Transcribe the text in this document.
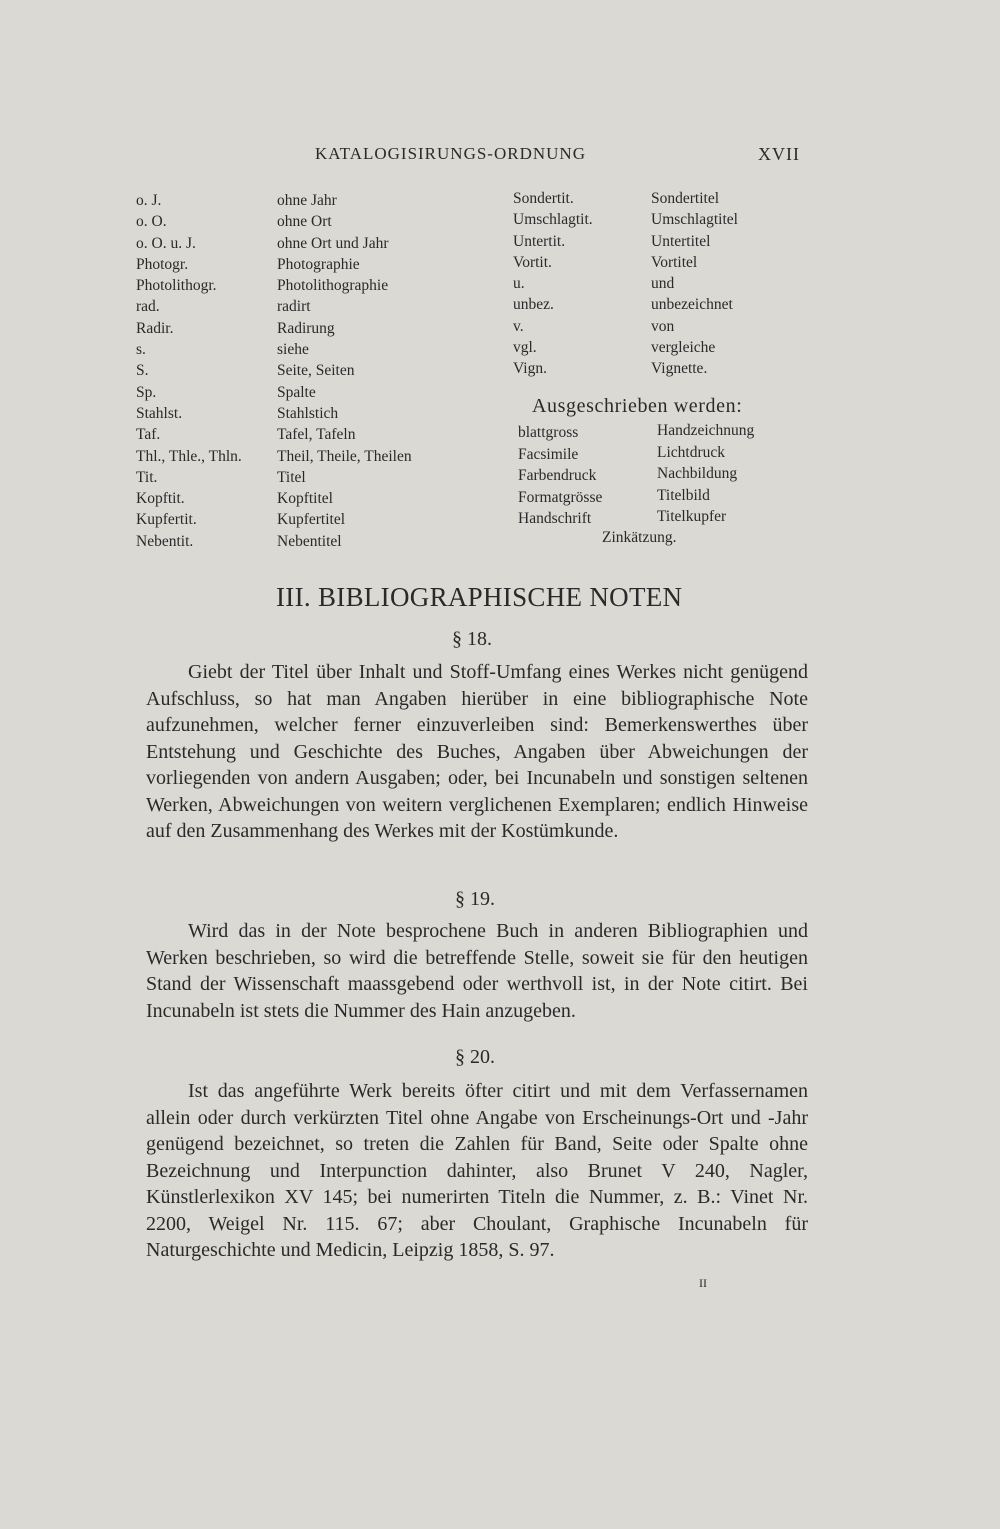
KATALOGISIRUNGS-ORDNUNG	XVII
o. J.
o. O.
o. O. u. J.
Photogr.
Photolithogr.
rad.
Radir.
s.
S.
Sp.
Stahlst.
Taf.
Thl., Thle., Thln.
Tit.
Kopftit.
Kupfertit.
Nebentit.
ohne Jahr
ohne Ort
ohne Ort und Jahr
Photographie
Photolithographie
radirt
Radirung
siehe
Seite, Seiten
Spalte
Stahlstich
Tafel, Tafeln
Theil, Theile, Theilen
Titel
Kopftitel
Kupfertitel
Nebentitel
Sondertit.
Umschlagtit.
Untertit.
Vortit.
u.
unbez.
v.
vgl.
Vign.
Sondertitel
Umschlagtitel
Untertitel
Vortitel
und
unbezeichnet
von
vergleiche
Vignette.
Ausgeschrieben werden:
blattgross
Facsimile
Farbendruck
Formatgrösse
Handschrift
Handzeichnung
Lichtdruck
Nachbildung
Titelbild
Titelkupfer
Zinkätzung.
III. BIBLIOGRAPHISCHE NOTEN
§ 18.

Giebt der Titel über Inhalt und Stoff-Umfang eines Werkes nicht genügend Aufschluss, so hat man Angaben hierüber in eine bibliographische Note aufzunehmen, welcher ferner einzuverleiben sind: Bemerkenswerthes über Entstehung und Geschichte des Buches, Angaben über Abweichungen der vorliegenden von andern Ausgaben; oder, bei Incunabeln und sonstigen seltenen Werken, Abweichungen von weitern verglichenen Exemplaren; endlich Hinweise auf den Zusammenhang des Werkes mit der Kostümkunde.

§ 19.

Wird das in der Note besprochene Buch in anderen Bibliographien und Werken beschrieben, so wird die betreffende Stelle, soweit sie für den heutigen Stand der Wissenschaft maassgebend oder werthvoll ist, in der Note citirt. Bei Incunabeln ist stets die Nummer des Hain anzugeben.

§ 20.

Ist das angeführte Werk bereits öfter citirt und mit dem Verfassernamen allein oder durch verkürzten Titel ohne Angabe von Erscheinungs-Ort und -Jahr genügend bezeichnet, so treten die Zahlen für Band, Seite oder Spalte ohne Bezeichnung und Interpunction dahinter, also Brunet V 240, Nagler, Künstlerlexikon XV 145; bei numerirten Titeln die Nummer, z. B.: Vinet Nr. 2200, Weigel Nr. 115. 67; aber Choulant, Graphische Incunabeln für Naturgeschichte und Medicin, Leipzig 1858, S. 97.

II
